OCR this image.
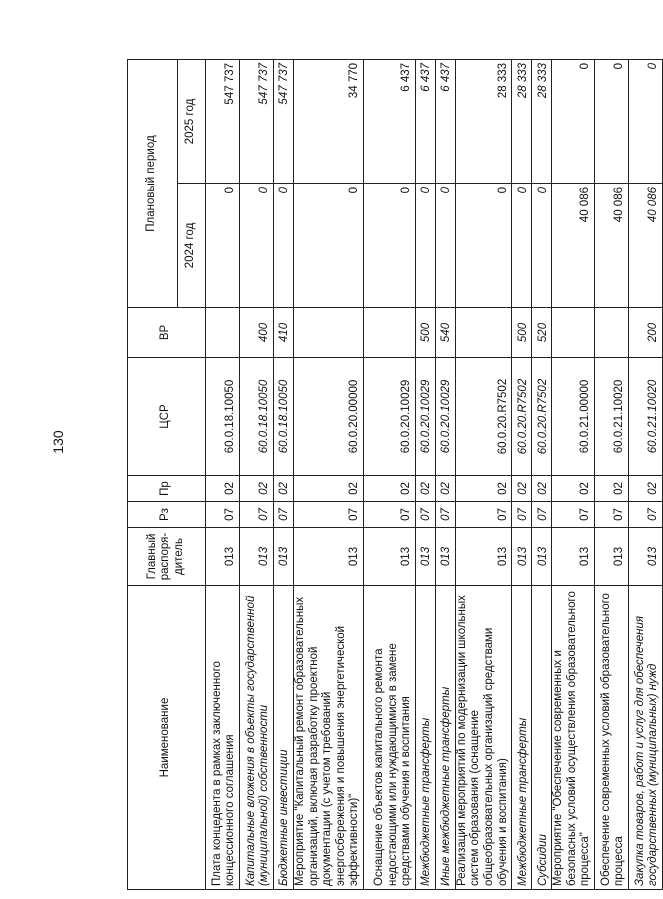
130
Наименование	Главный распоря-дитель	Рз	Пр	ЦСР	ВР	Плановый период	
						2024 год	2025 год
Плата концедента в рамках заключенного концессионного соглашения	013	07	02	60.0.18.10050		0	547 737
Капитальные вложения в объекты государственной (муниципальной) собственности	013	07	02	60.0.18.10050	400	0	547 737
Бюджетные инвестиции	013	07	02	60.0.18.10050	410	0	547 737
Мероприятие "Капитальный ремонт образовательных организаций, включая разработку проектной документации (с учетом требований энергосбережения и повышения энергетической эффективности)"	013	07	02	60.0.20.00000		0	34 770
Оснащение объектов капитального ремонта недостающими или нуждающимися в замене средствами обучения и воспитания	013	07	02	60.0.20.10029		0	6 437
Межбюджетные трансферты	013	07	02	60.0.20.10029	500	0	6 437
Иные межбюджетные трансферты	013	07	02	60.0.20.10029	540	0	6 437
Реализация мероприятий по модернизации школьных систем образования (оснащение общеобразовательных организаций средствами обучения и воспитания)	013	07	02	60.0.20.R7502		0	28 333
Межбюджетные трансферты	013	07	02	60.0.20.R7502	500	0	28 333
Субсидии	013	07	02	60.0.20.R7502	520	0	28 333
Мероприятие "Обеспечение современных и безопасных условий осуществления образовательного процесса"	013	07	02	60.0.21.00000		40 086	0
Обеспечение современных условий образовательного процесса	013	07	02	60.0.21.10020		40 086	0
Закупка товаров, работ и услуг для обеспечения государственных (муниципальных) нужд	013	07	02	60.0.21.10020	200	40 086	0
